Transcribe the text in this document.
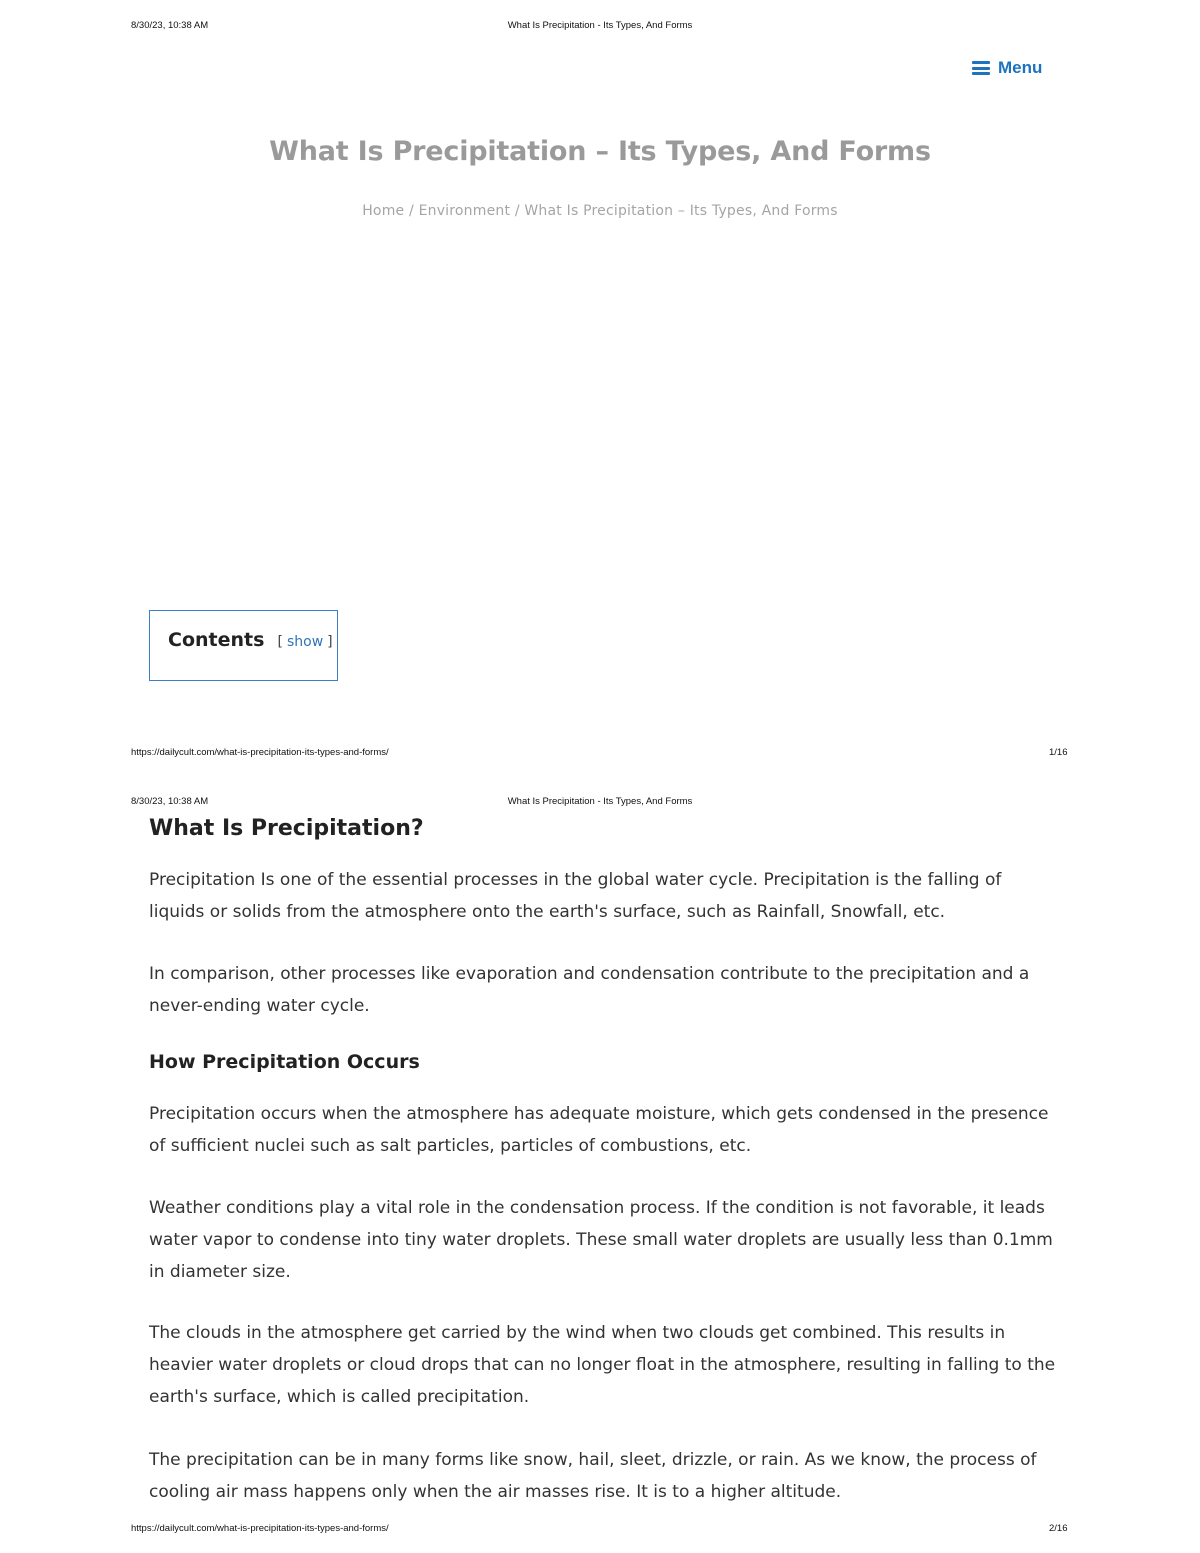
8/30/23, 10:38 AM	What Is Precipitation - Its Types, And Forms
Menu
What Is Precipitation – Its Types, And Forms
Home / Environment / What Is Precipitation – Its Types, And Forms
Contents [ show ]
https://dailycult.com/what-is-precipitation-its-types-and-forms/	1/16
8/30/23, 10:38 AM	What Is Precipitation - Its Types, And Forms
What Is Precipitation?

Precipitation Is one of the essential processes in the global water cycle. Precipitation is the falling of liquids or solids from the atmosphere onto the earth's surface, such as Rainfall, Snowfall, etc.

In comparison, other processes like evaporation and condensation contribute to the precipitation and a never-ending water cycle.

How Precipitation Occurs

Precipitation occurs when the atmosphere has adequate moisture, which gets condensed in the presence of sufficient nuclei such as salt particles, particles of combustions, etc.

Weather conditions play a vital role in the condensation process. If the condition is not favorable, it leads water vapor to condense into tiny water droplets. These small water droplets are usually less than 0.1mm in diameter size.

The clouds in the atmosphere get carried by the wind when two clouds get combined. This results in heavier water droplets or cloud drops that can no longer float in the atmosphere, resulting in falling to the earth's surface, which is called precipitation.

The precipitation can be in many forms like snow, hail, sleet, drizzle, or rain. As we know, the process of cooling air mass happens only when the air masses rise. It is to a higher altitude.

https://dailycult.com/what-is-precipitation-its-types-and-forms/	2/16
